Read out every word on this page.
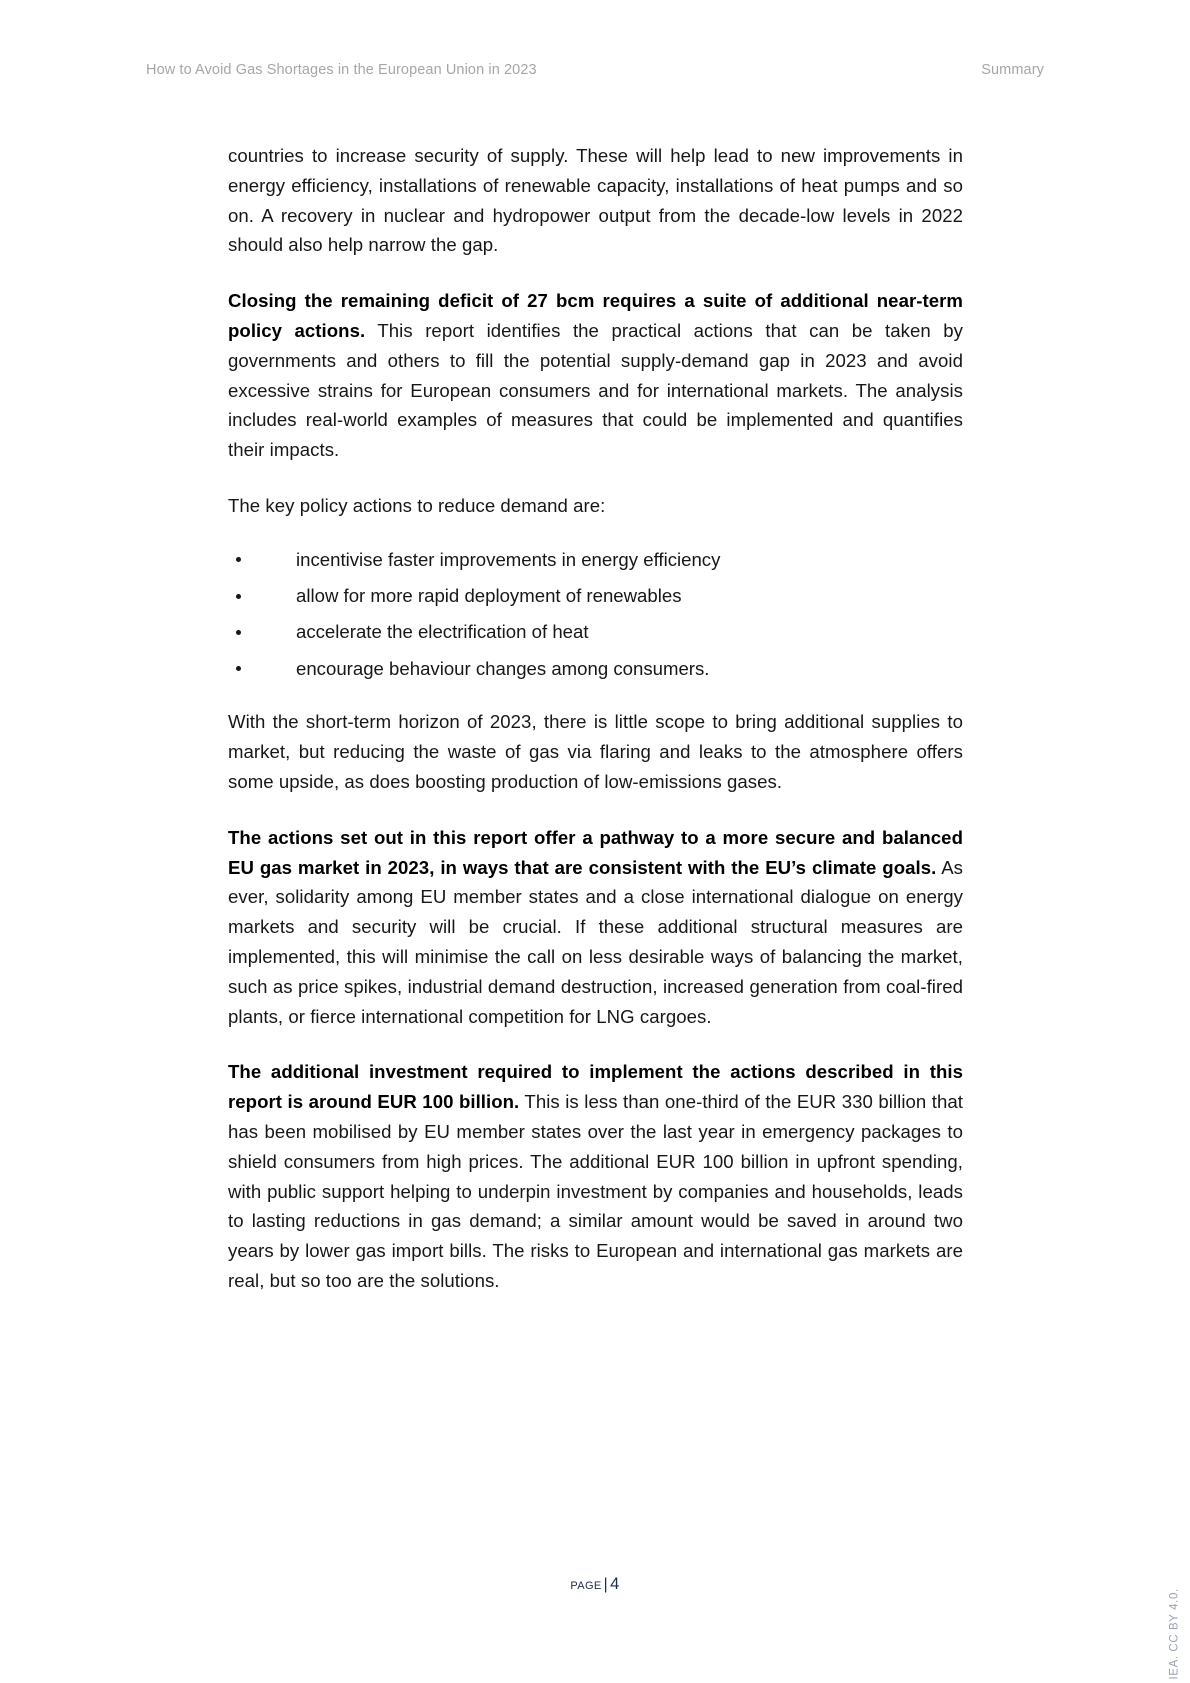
How to Avoid Gas Shortages in the European Union in 2023	Summary

countries to increase security of supply. These will help lead to new improvements in energy efficiency, installations of renewable capacity, installations of heat pumps and so on. A recovery in nuclear and hydropower output from the decade-low levels in 2022 should also help narrow the gap.

Closing the remaining deficit of 27 bcm requires a suite of additional near-term policy actions. This report identifies the practical actions that can be taken by governments and others to fill the potential supply-demand gap in 2023 and avoid excessive strains for European consumers and for international markets. The analysis includes real-world examples of measures that could be implemented and quantifies their impacts.

The key policy actions to reduce demand are:

incentivise faster improvements in energy efficiency
allow for more rapid deployment of renewables
accelerate the electrification of heat
encourage behaviour changes among consumers.

With the short-term horizon of 2023, there is little scope to bring additional supplies to market, but reducing the waste of gas via flaring and leaks to the atmosphere offers some upside, as does boosting production of low-emissions gases.

The actions set out in this report offer a pathway to a more secure and balanced EU gas market in 2023, in ways that are consistent with the EU’s climate goals. As ever, solidarity among EU member states and a close international dialogue on energy markets and security will be crucial. If these additional structural measures are implemented, this will minimise the call on less desirable ways of balancing the market, such as price spikes, industrial demand destruction, increased generation from coal-fired plants, or fierce international competition for LNG cargoes.

The additional investment required to implement the actions described in this report is around EUR 100 billion. This is less than one-third of the EUR 330 billion that has been mobilised by EU member states over the last year in emergency packages to shield consumers from high prices. The additional EUR 100 billion in upfront spending, with public support helping to underpin investment by companies and households, leads to lasting reductions in gas demand; a similar amount would be saved in around two years by lower gas import bills. The risks to European and international gas markets are real, but so too are the solutions.

page | 4
IEA. CC BY 4.0.
